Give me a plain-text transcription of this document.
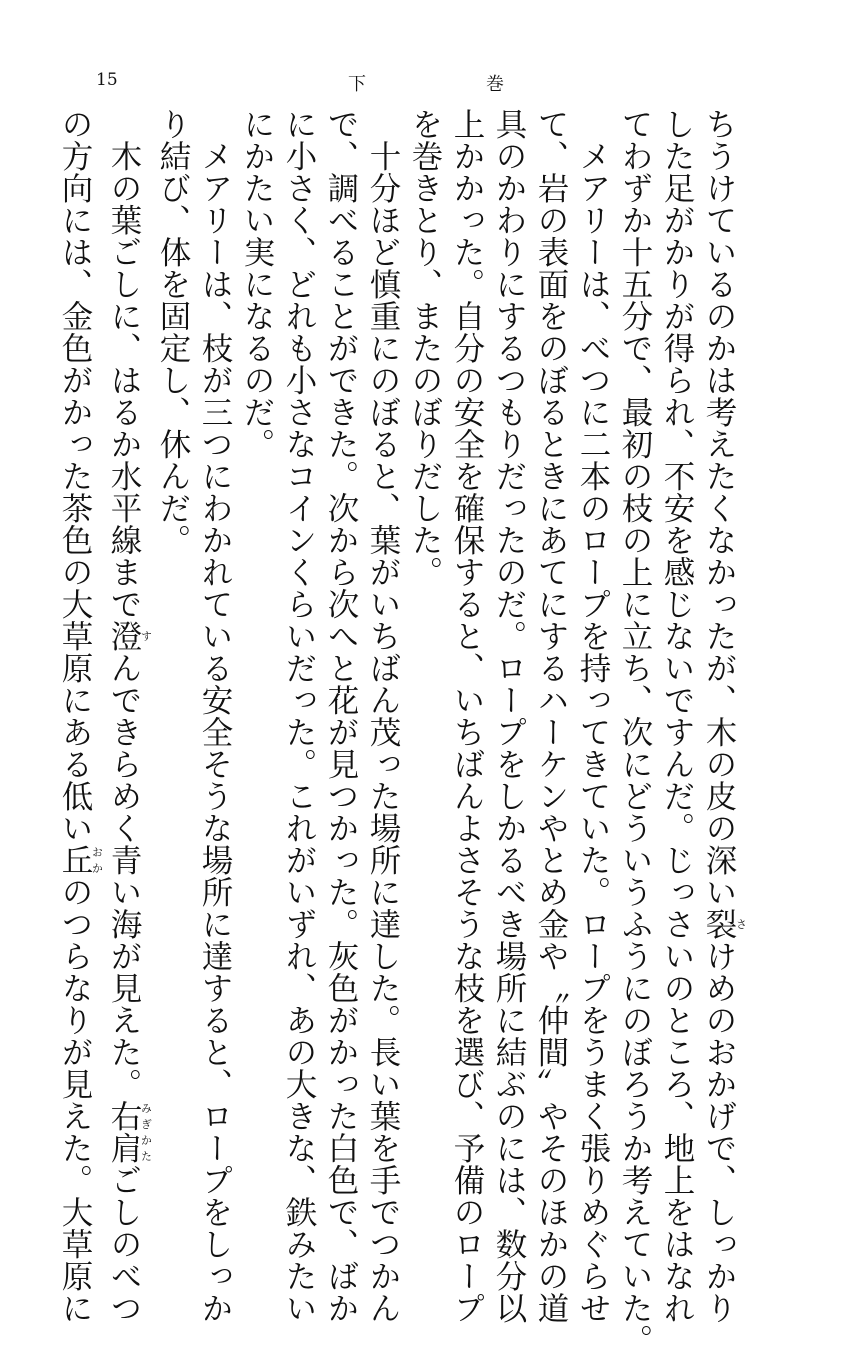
15	下巻
ちうけているのかは考えたくなかったが、木の皮の深い裂さけめのおかげで、しっかり
した足がかりが得られ、不安を感じないですんだ。じっさいのところ、地上をはなれ
てわずか十五分で、最初の枝の上に立ち、次にどういうふうにのぼろうか考えていた。
　メアリーは、べつに二本のロープを持ってきていた。ロープをうまく張りめぐらせ
て、岩の表面をのぼるときにあてにするハーケンやとめ金や〝仲間〟やそのほかの道
具のかわりにするつもりだったのだ。ロープをしかるべき場所に結ぶのには、数分以
上かかった。自分の安全を確保すると、いちばんよさそうな枝を選び、予備のロープ
を巻きとり、またのぼりだした。
　十分ほど慎重にのぼると、葉がいちばん茂った場所に達した。長い葉を手でつかん
で、調べることができた。次から次へと花が見つかった。灰色がかった白色で、ばか
に小さく、どれも小さなコインくらいだった。これがいずれ、あの大きな、鉄みたい
にかたい実になるのだ。
　メアリーは、枝が三つにわかれている安全そうな場所に達すると、ロープをしっか
り結び、体を固定し、休んだ。
　木の葉ごしに、はるか水平線まで澄すんできらめく青い海が見えた。右肩みぎかたごしのべつ
の方向には、金色がかった茶色の大草原にある低い丘おかのつらなりが見えた。大草原に
